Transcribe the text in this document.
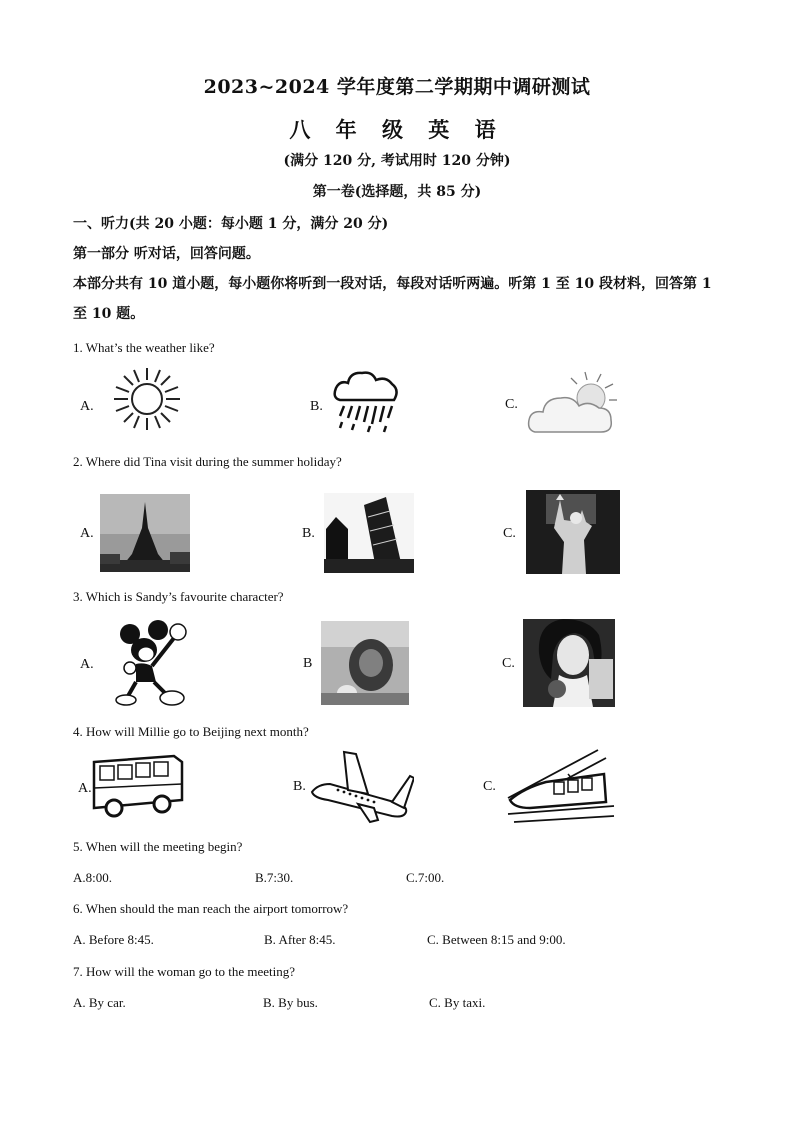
2023~2024 学年度第二学期期中调研测试
八 年 级 英 语
(满分 120 分, 考试用时 120 分钟)
第一卷(选择题，共 85 分)
一、听力(共 20 小题：每小题 1 分，满分 20 分)
第一部分 听对话，回答问题。
本部分共有 10 道小题，每小题你将听到一段对话，每段对话听两遍。听第 1 至 10 段材料，回答第 1 至 10 题。
1. What’s the weather like?
A.	B.	C.
2. Where did Tina visit during the summer holiday?
A.	B.	C.
3. Which is Sandy’s favourite character?
A.	B	C.
4. How will Millie go to Beijing next month?
A.	B.	C.
5. When will the meeting begin?
A.8:00.	B.7:30.	C.7:00.
6. When should the man reach the airport tomorrow?
A. Before 8:45.	B. After 8:45.	C. Between 8:15 and 9:00.
7. How will the woman go to the meeting?
A. By car.	B. By bus.	C. By taxi.
